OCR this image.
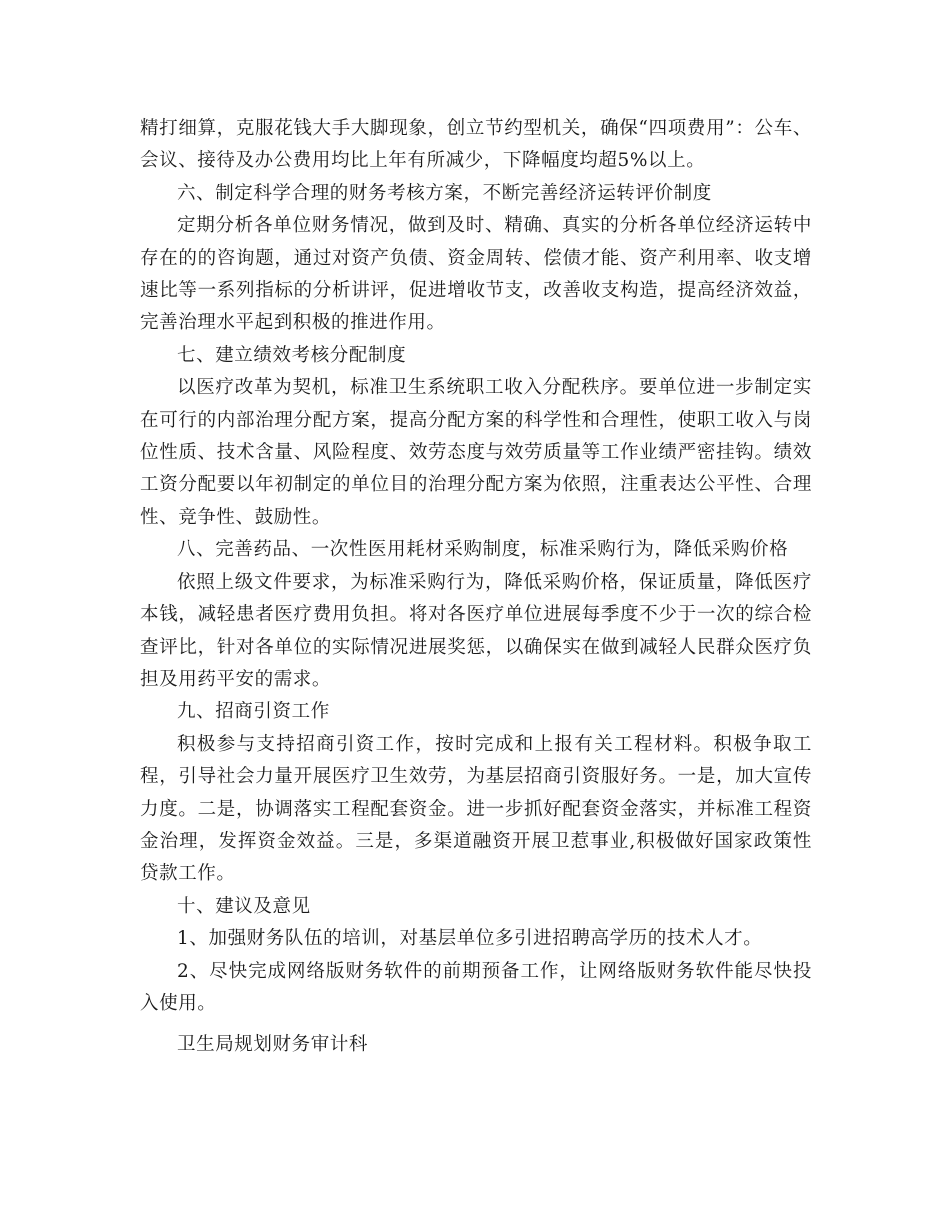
精打细算，克服花钱大手大脚现象，创立节约型机关，确保“四项费用”：公车、会议、接待及办公费用均比上年有所减少，下降幅度均超5%以上。

六、制定科学合理的财务考核方案，不断完善经济运转评价制度

定期分析各单位财务情况，做到及时、精确、真实的分析各单位经济运转中存在的的咨询题，通过对资产负债、资金周转、偿债才能、资产利用率、收支增速比等一系列指标的分析讲评，促进增收节支，改善收支构造，提高经济效益，完善治理水平起到积极的推进作用。

七、建立绩效考核分配制度

以医疗改革为契机，标准卫生系统职工收入分配秩序。要单位进一步制定实在可行的内部治理分配方案，提高分配方案的科学性和合理性，使职工收入与岗位性质、技术含量、风险程度、效劳态度与效劳质量等工作业绩严密挂钩。绩效工资分配要以年初制定的单位目的治理分配方案为依照，注重表达公平性、合理性、竞争性、鼓励性。

八、完善药品、一次性医用耗材采购制度，标准采购行为，降低采购价格

依照上级文件要求，为标准采购行为，降低采购价格，保证质量，降低医疗本钱，减轻患者医疗费用负担。将对各医疗单位进展每季度不少于一次的综合检查评比，针对各单位的实际情况进展奖惩，以确保实在做到减轻人民群众医疗负担及用药平安的需求。

九、招商引资工作

积极参与支持招商引资工作，按时完成和上报有关工程材料。积极争取工程，引导社会力量开展医疗卫生效劳，为基层招商引资服好务。一是，加大宣传力度。二是，协调落实工程配套资金。进一步抓好配套资金落实，并标准工程资金治理，发挥资金效益。三是，多渠道融资开展卫惹事业,积极做好国家政策性贷款工作。

十、建议及意见

1、加强财务队伍的培训，对基层单位多引进招聘高学历的技术人才。

2、尽快完成网络版财务软件的前期预备工作，让网络版财务软件能尽快投入使用。

卫生局规划财务审计科
